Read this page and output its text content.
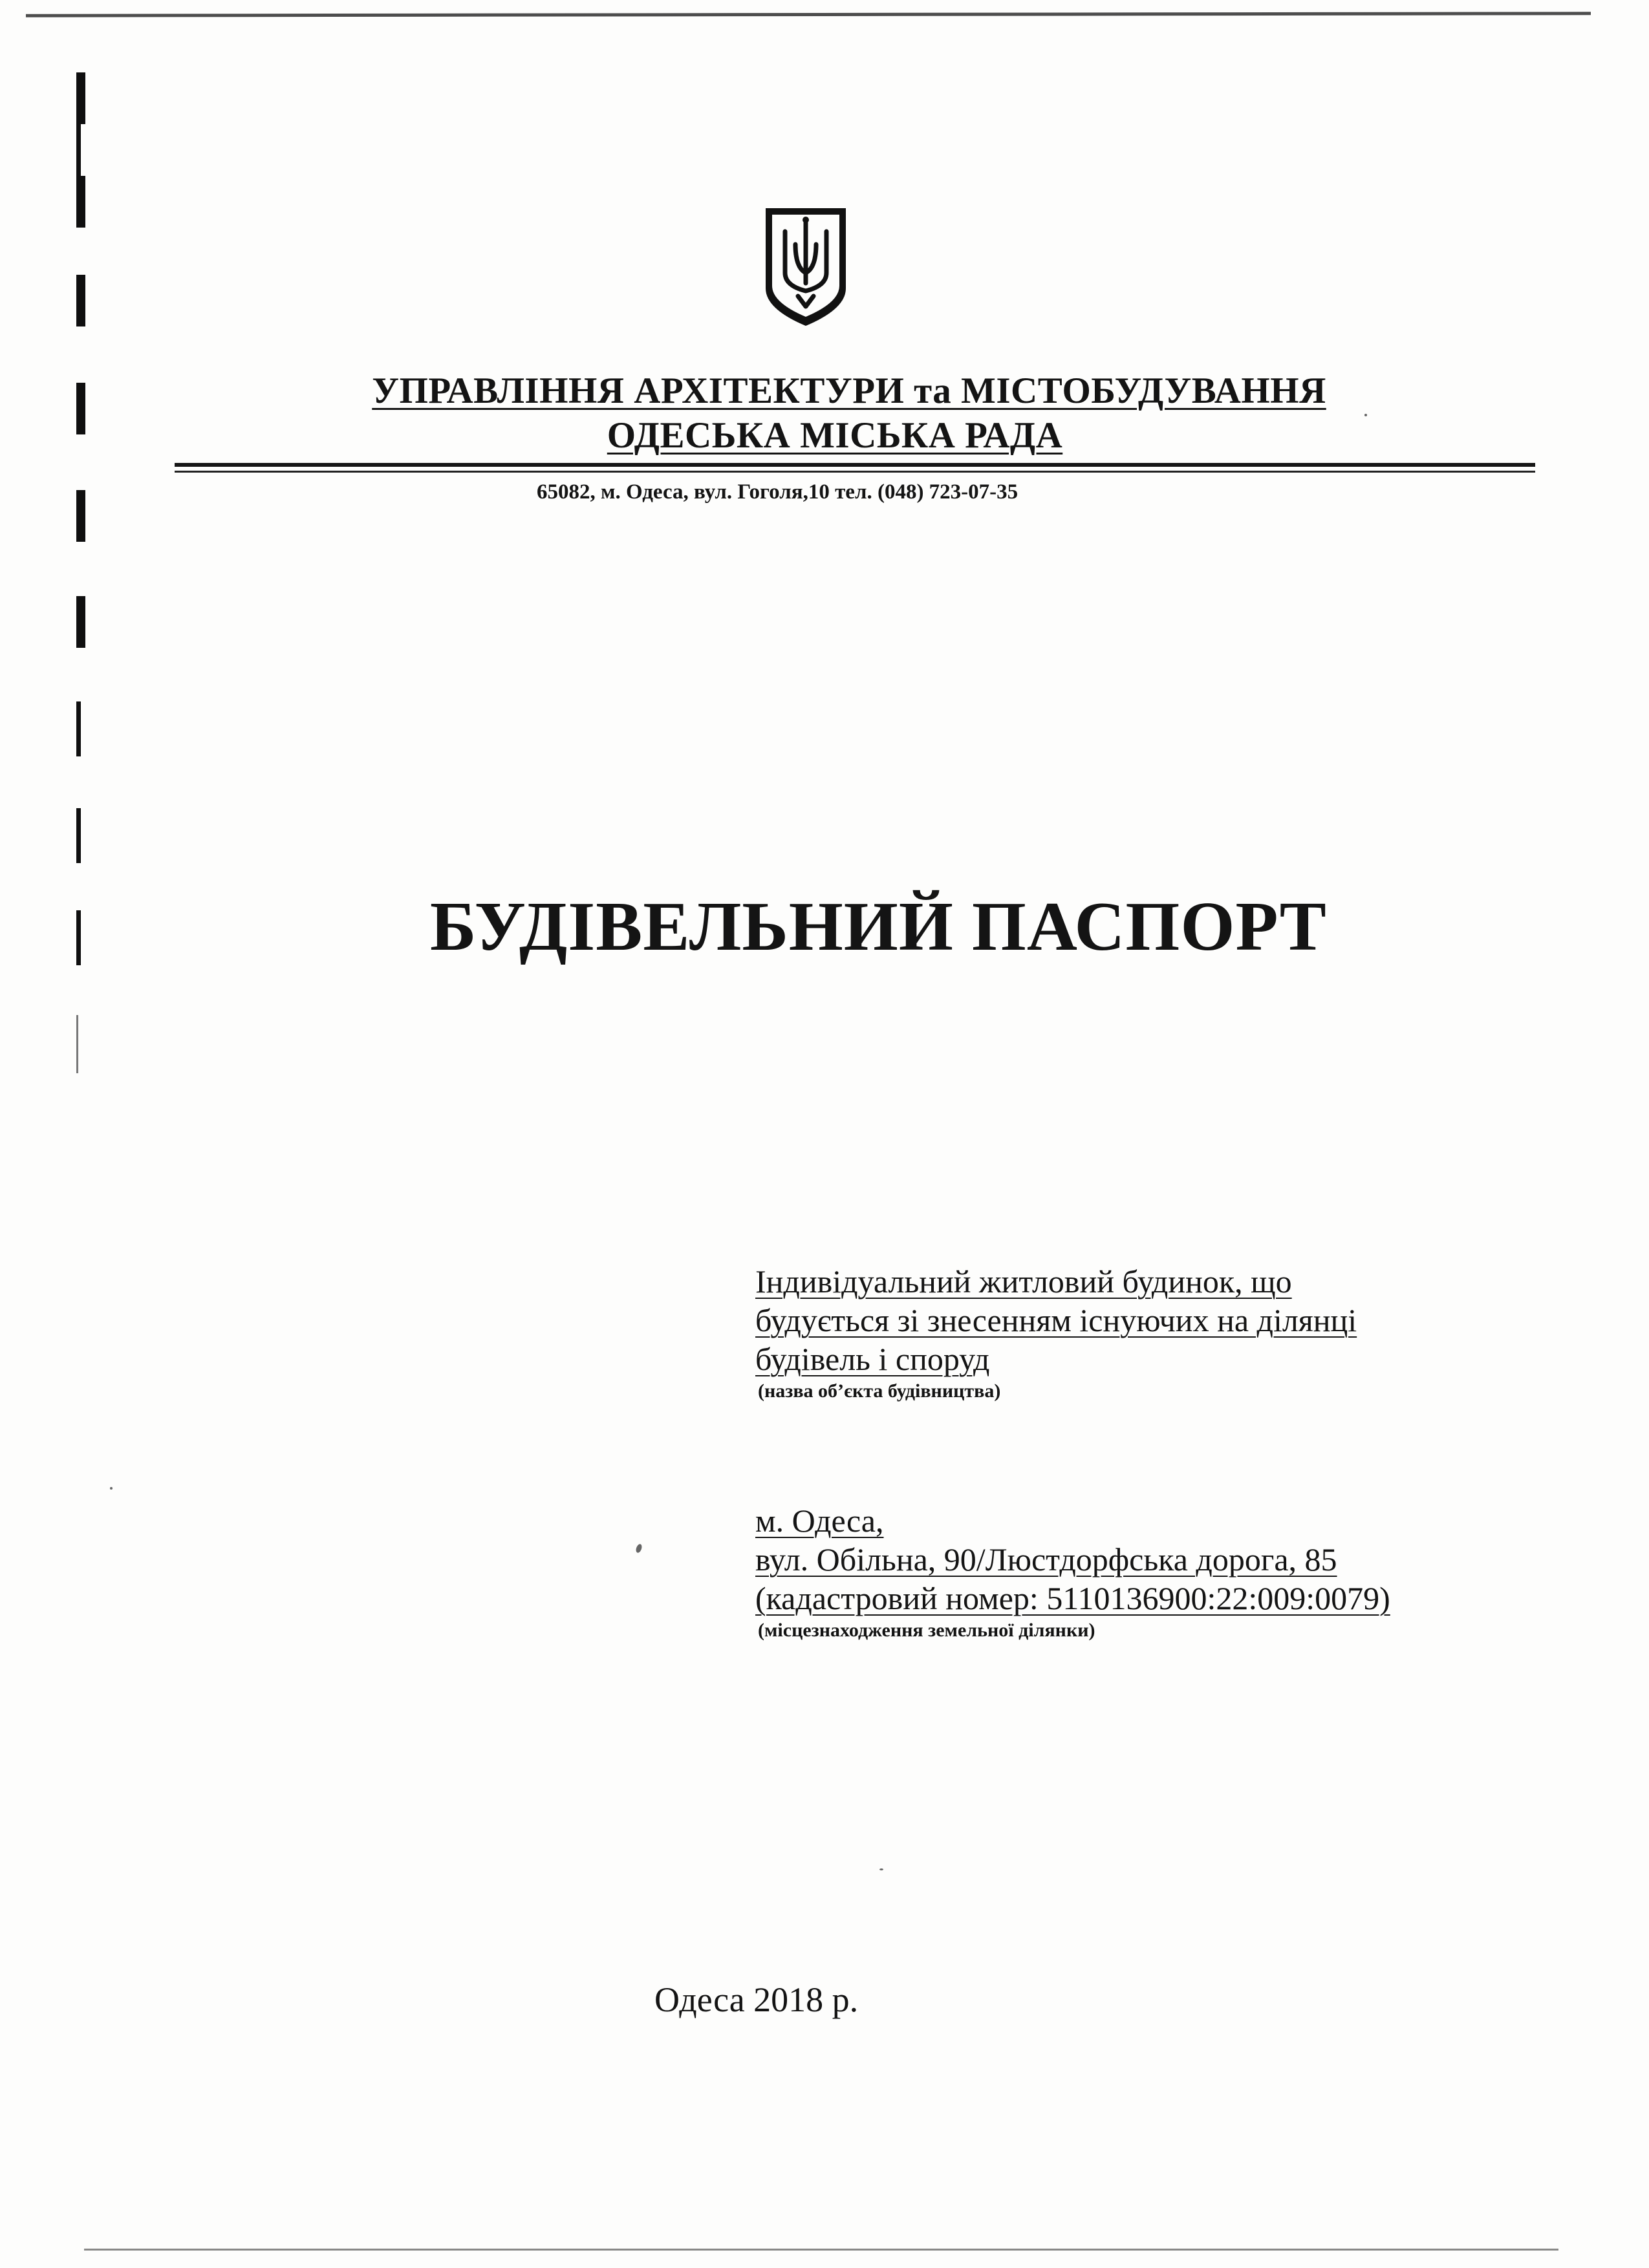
УПРАВЛІННЯ АРХІТЕКТУРИ та МІСТОБУДУВАННЯ
ОДЕСЬКА МІСЬКА РАДА
65082, м. Одеса, вул. Гоголя,10 тел. (048) 723-07-35
БУДІВЕЛЬНИЙ ПАСПОРТ
Індивідуальний житловий будинок, що
будується зі знесенням існуючих на ділянці
будівель і споруд
(назва об’єкта будівництва)
м. Одеса,
вул. Обільна, 90/Люстдорфська дорога, 85
(кадастровий номер: 5110136900:22:009:0079)
(місцезнаходження земельної ділянки)
Одеса 2018 р.
